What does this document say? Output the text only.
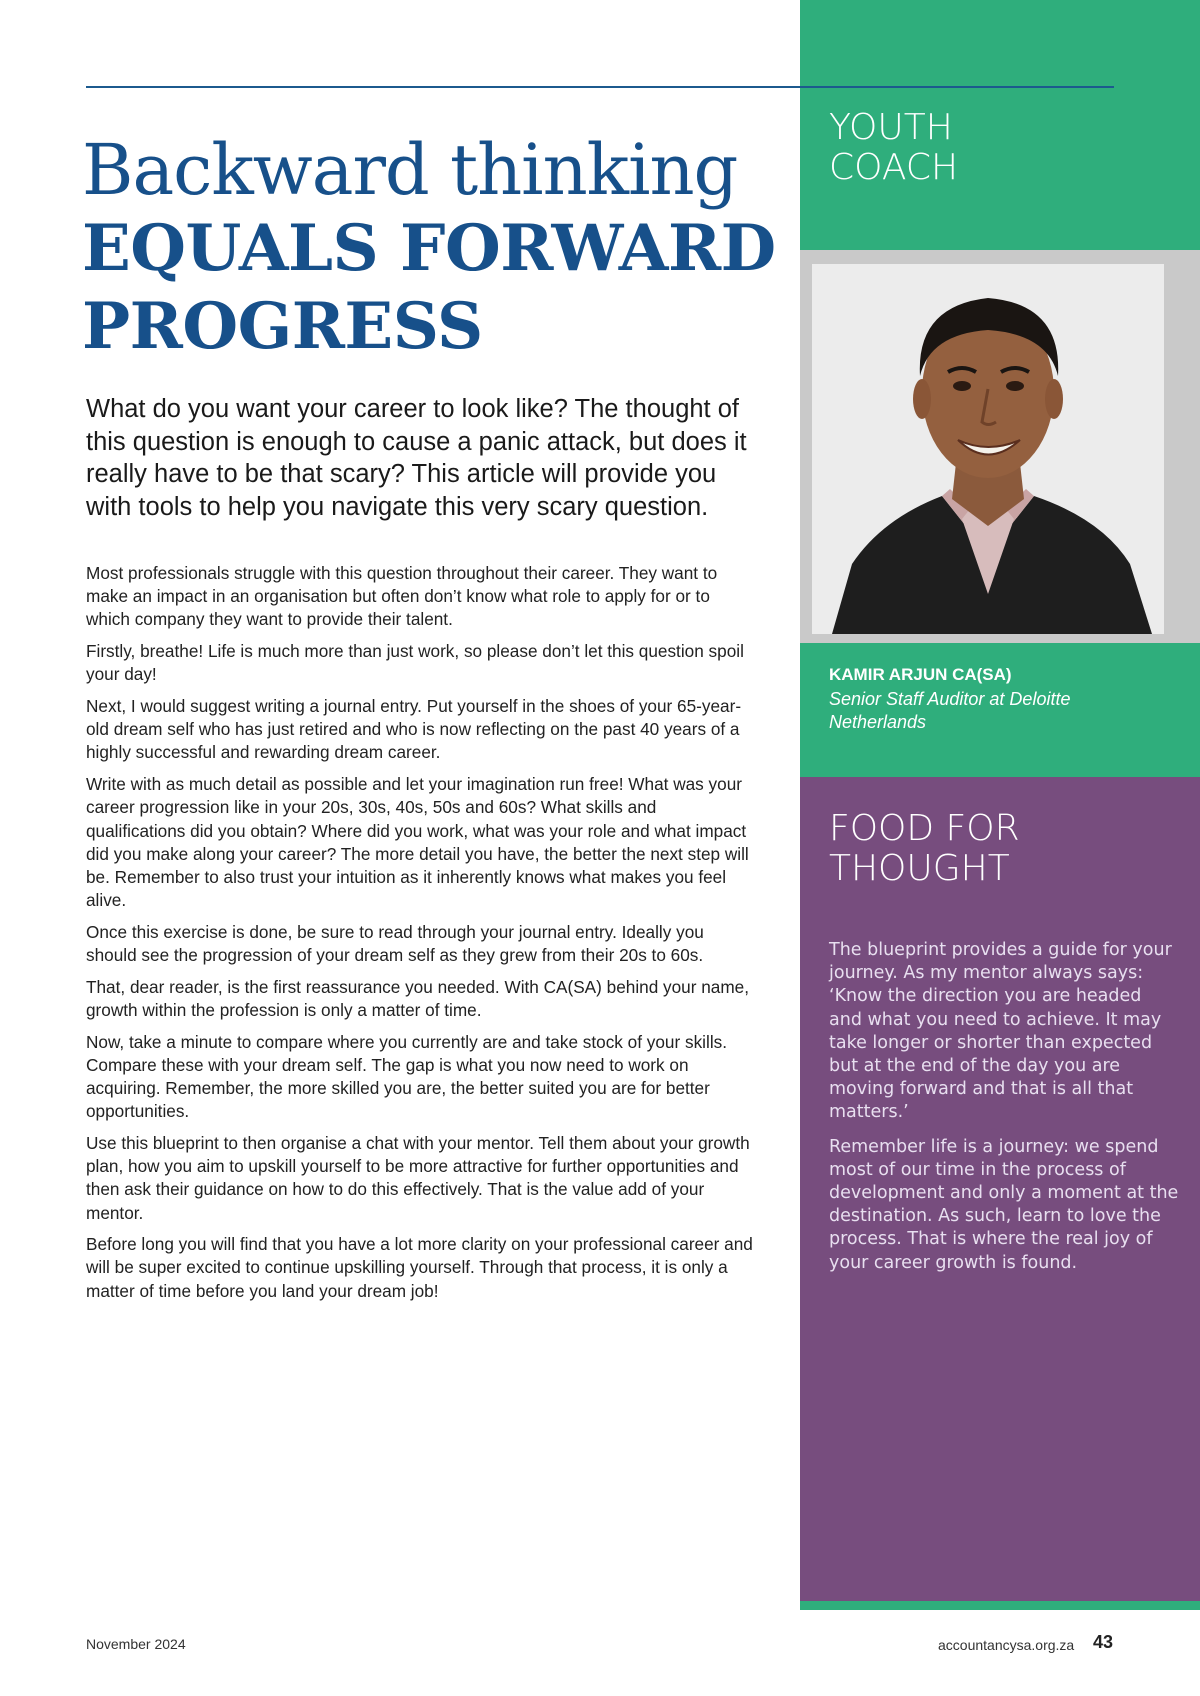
YOUTH
COACH
KAMIR ARJUN CA(SA)
Senior Staff Auditor at Deloitte
Netherlands
FOOD FOR
THOUGHT

The blueprint provides a guide for your journey. As my mentor always says: ‘Know the direction you are headed and what you need to achieve. It may take longer or shorter than expected but at the end of the day you are moving forward and that is all that matters.’

Remember life is a journey: we spend most of our time in the process of development and only a moment at the destination. As such, learn to love the process. That is where the real joy of your career growth is found.

Backward thinking
EQUALS FORWARD
PROGRESS
What do you want your career to look like? The thought of this question is enough to cause a panic attack, but does it really have to be that scary? This article will provide you with tools to help you navigate this very scary question.

Most professionals struggle with this question throughout their career. They want to make an impact in an organisation but often don’t know what role to apply for or to which company they want to provide their talent.

Firstly, breathe! Life is much more than just work, so please don’t let this question spoil your day!

Next, I would suggest writing a journal entry. Put yourself in the shoes of your 65-year-old dream self who has just retired and who is now reflecting on the past 40 years of a highly successful and rewarding dream career.

Write with as much detail as possible and let your imagination run free! What was your career progression like in your 20s, 30s, 40s, 50s and 60s? What skills and qualifications did you obtain? Where did you work, what was your role and what impact did you make along your career? The more detail you have, the better the next step will be. Remember to also trust your intuition as it inherently knows what makes you feel alive.

Once this exercise is done, be sure to read through your journal entry. Ideally you should see the progression of your dream self as they grew from their 20s to 60s.

That, dear reader, is the first reassurance you needed. With CA(SA) behind your name, growth within the profession is only a matter of time.

Now, take a minute to compare where you currently are and take stock of your skills. Compare these with your dream self. The gap is what you now need to work on acquiring. Remember, the more skilled you are, the better suited you are for better opportunities.

Use this blueprint to then organise a chat with your mentor. Tell them about your growth plan, how you aim to upskill yourself to be more attractive for further opportunities and then ask their guidance on how to do this effectively. That is the value add of your mentor.

Before long you will find that you have a lot more clarity on your professional career and will be super excited to continue upskilling yourself. Through that process, it is only a matter of time before you land your dream job!

November 2024	accountancysa.org.za 43
